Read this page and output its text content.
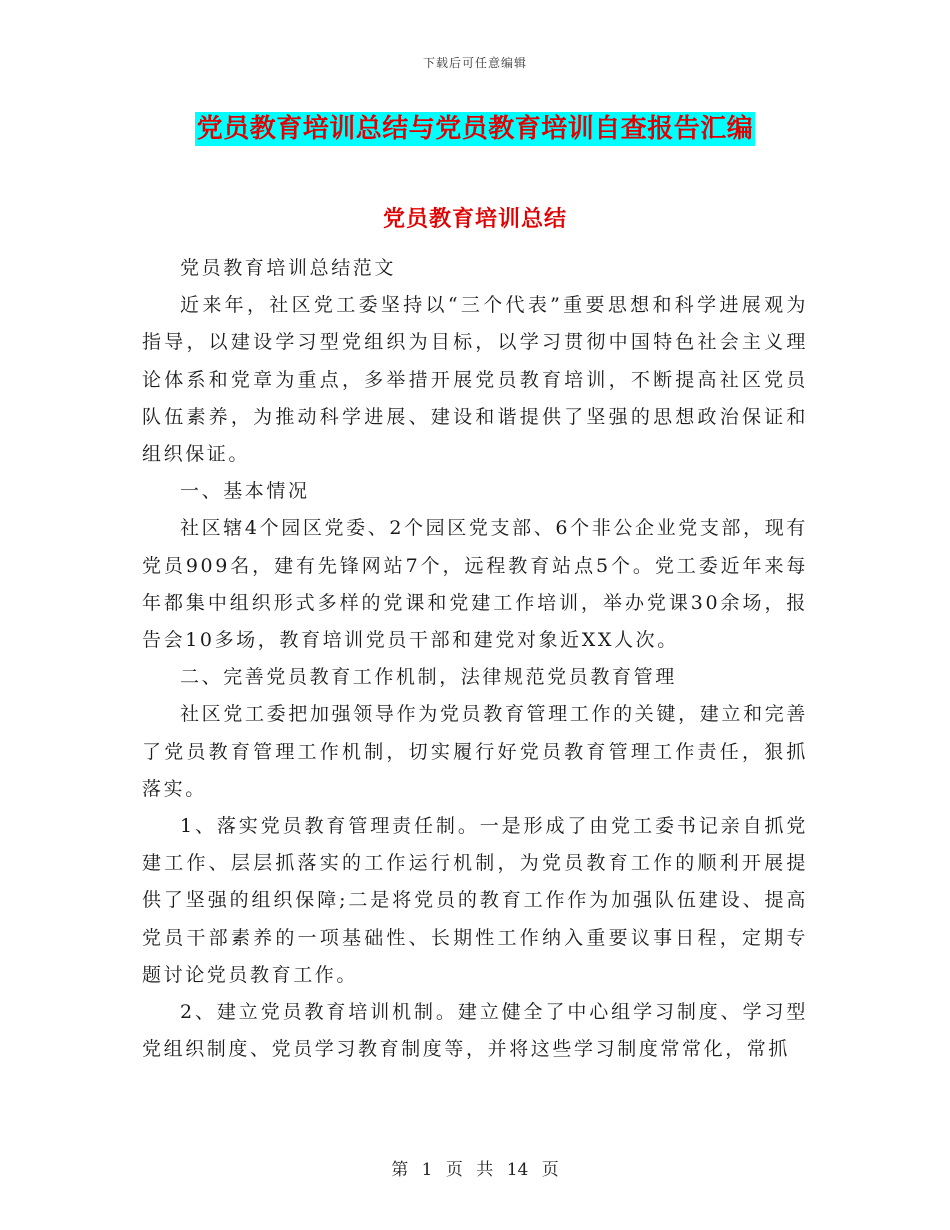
下载后可任意编辑
党员教育培训总结与党员教育培训自查报告汇编
党员教育培训总结

党员教育培训总结范文

近来年，社区党工委坚持以“三个代表”重要思想和科学进展观为指导，以建设学习型党组织为目标，以学习贯彻中国特色社会主义理论体系和党章为重点，多举措开展党员教育培训，不断提高社区党员队伍素养，为推动科学进展、建设和谐提供了坚强的思想政治保证和组织保证。

一、基本情况

社区辖4个园区党委、2个园区党支部、6个非公企业党支部，现有党员909名，建有先锋网站7个，远程教育站点5个。党工委近年来每年都集中组织形式多样的党课和党建工作培训，举办党课30余场，报告会10多场，教育培训党员干部和建党对象近XX人次。

二、完善党员教育工作机制，法律规范党员教育管理

社区党工委把加强领导作为党员教育管理工作的关键，建立和完善了党员教育管理工作机制，切实履行好党员教育管理工作责任，狠抓落实。

1、落实党员教育管理责任制。一是形成了由党工委书记亲自抓党建工作、层层抓落实的工作运行机制，为党员教育工作的顺利开展提供了坚强的组织保障;二是将党员的教育工作作为加强队伍建设、提高党员干部素养的一项基础性、长期性工作纳入重要议事日程，定期专题讨论党员教育工作。

2、建立党员教育培训机制。建立健全了中心组学习制度、学习型党组织制度、党员学习教育制度等，并将这些学习制度常常化，常抓

第 1 页 共 14 页
